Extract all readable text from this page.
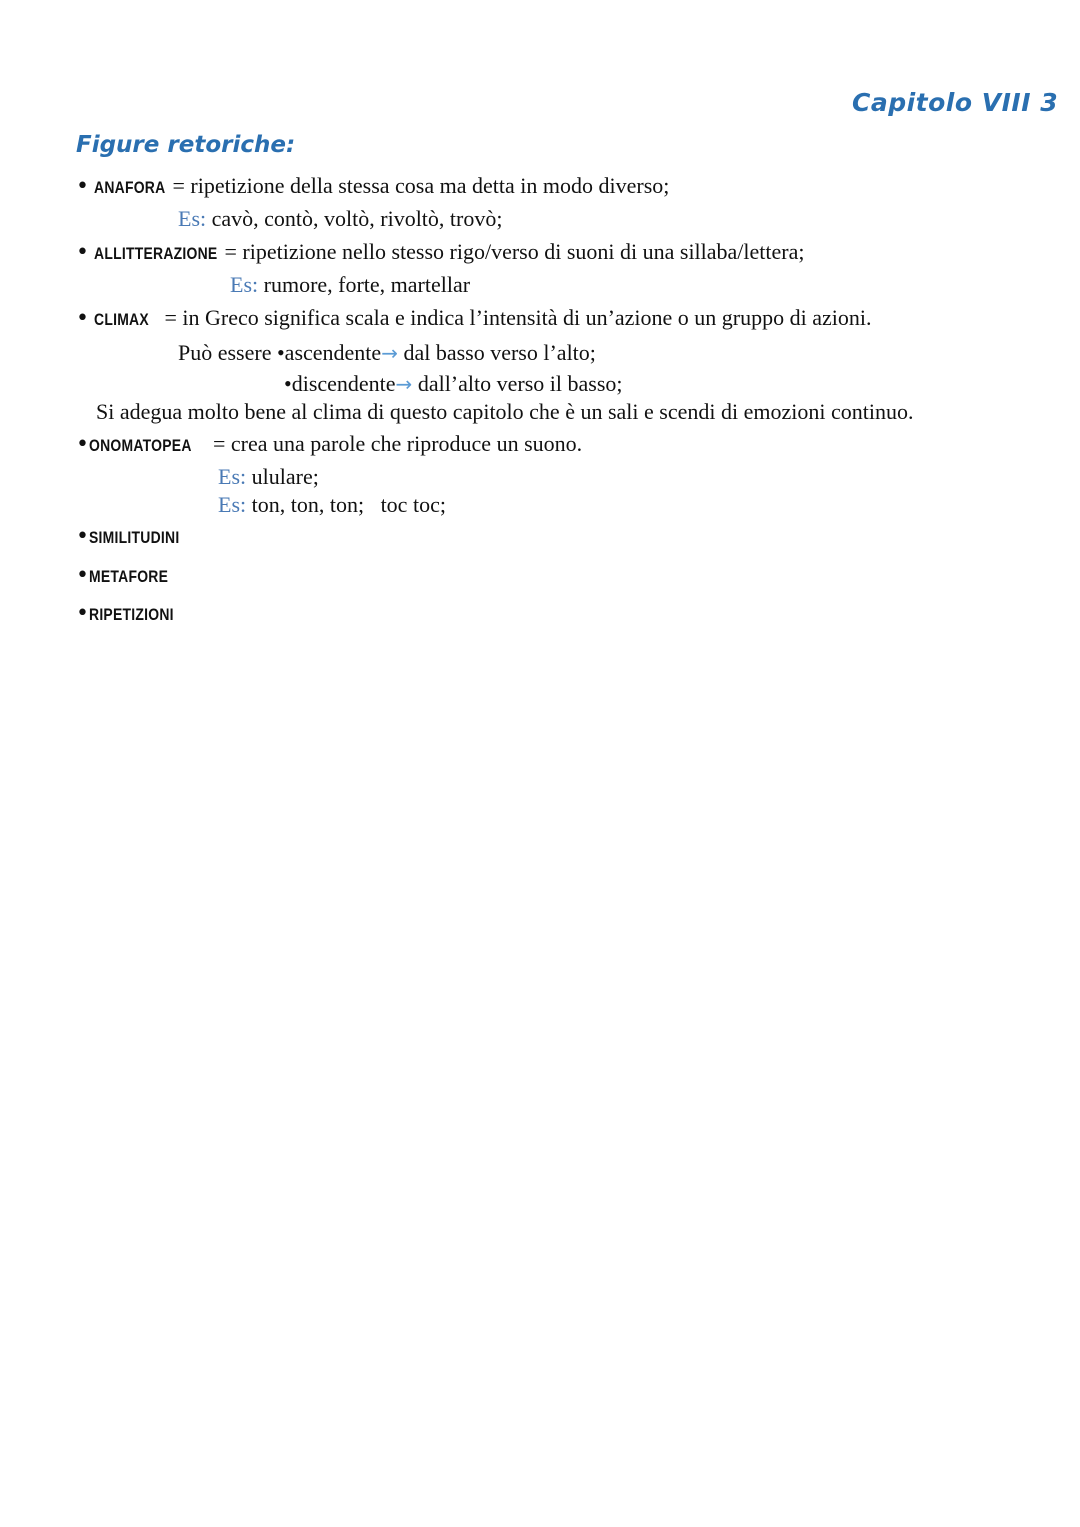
Capitolo VIII 3
Figure retoriche:
• ANAFORA = ripetizione della stessa cosa ma detta in modo diverso;
Es: cavò, contò, voltò, rivoltò, trovò;
• ALLITTERAZIONE = ripetizione nello stesso rigo/verso di suoni di una sillaba/lettera;
Es: rumore, forte, martellar
• CLIMAX = in Greco significa scala e indica l’intensità di un’azione o un gruppo di azioni.
Può essere •ascendente→ dal basso verso l’alto;
•discendente→ dall’alto verso il basso;
Si adegua molto bene al clima di questo capitolo che è un sali e scendi di emozioni continuo.
•ONOMATOPEA = crea una parole che riproduce un suono.
Es: ululare;
Es: ton, ton, ton;   toc toc;
•SIMILITUDINI
•METAFORE
•RIPETIZIONI
